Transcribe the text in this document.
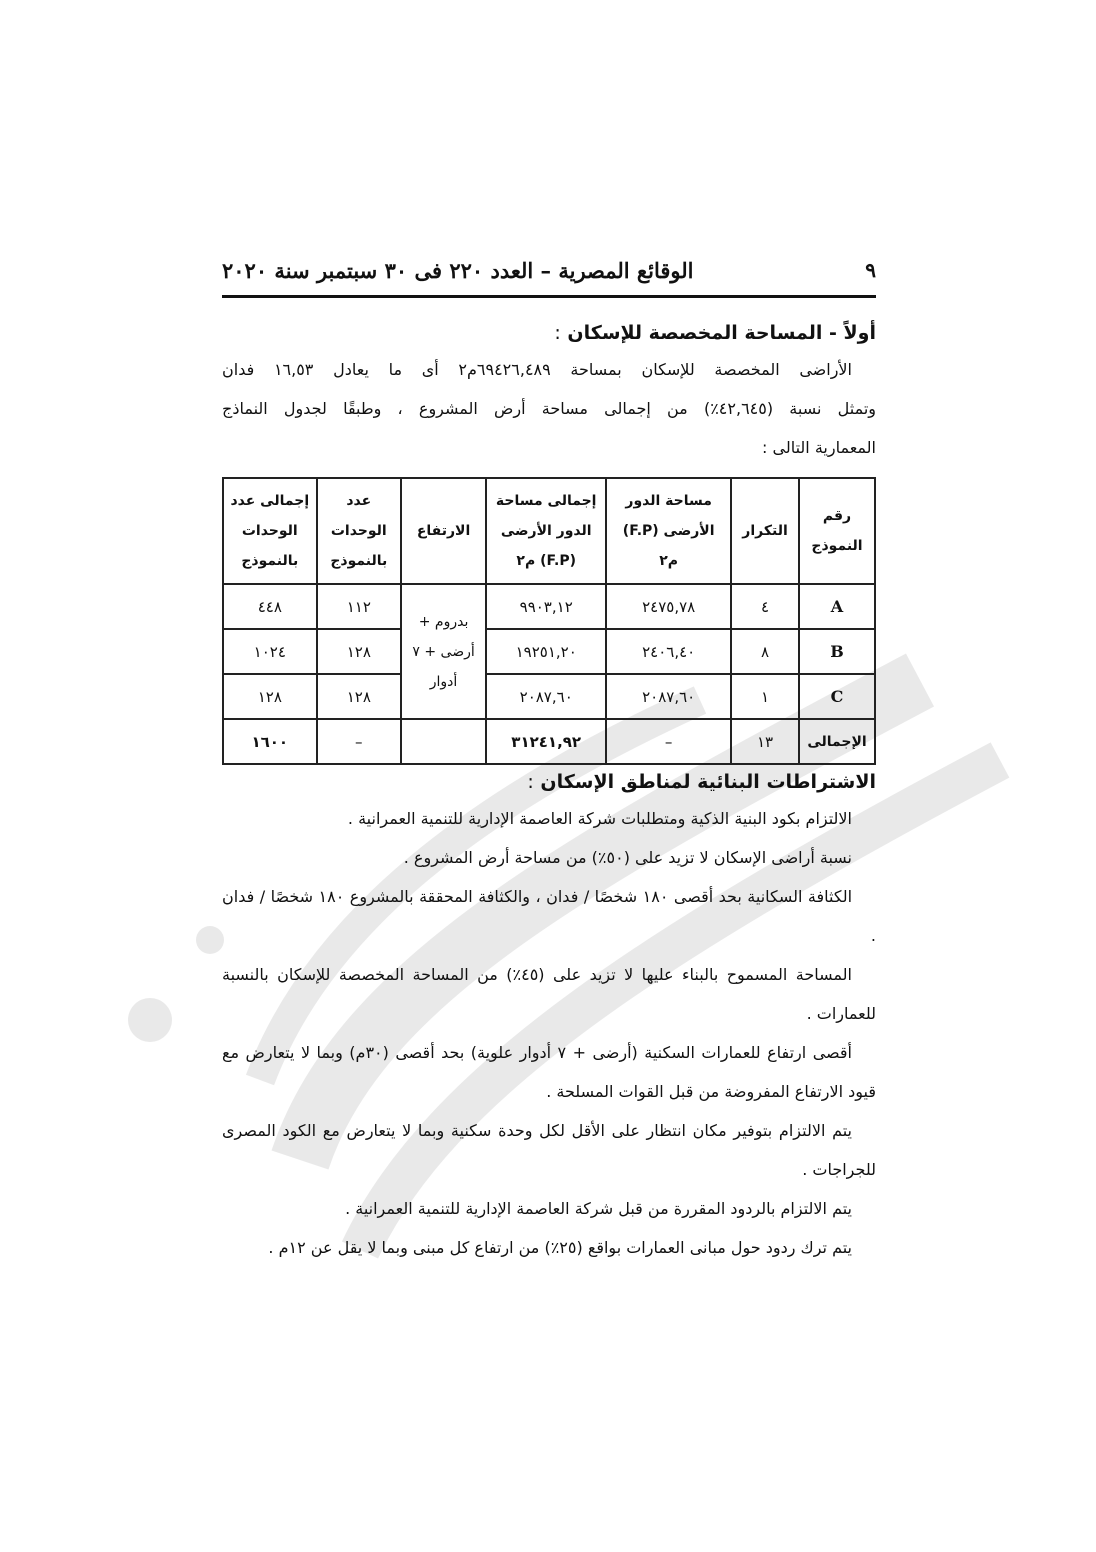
٩
الوقائع المصرية – العدد ٢٢٠ فى ٣٠ سبتمبر سنة ٢٠٢٠
أولاً - المساحة المخصصة للإسكان :

الأراضى المخصصة للإسكان بمساحة ٦٩٤٢٦,٤٨٩م٢ أى ما يعادل ١٦,٥٣ فدان

وتمثل نسبة (٤٢,٦٤٥٪) من إجمالى مساحة أرض المشروع ، وطبقًا لجدول النماذج

المعمارية التالى :

رقم النموذج	التكرار	مساحة الدور الأرضى (F.P) م٢	إجمالى مساحة الدور الأرضى (F.P) م٢	الارتفاع	عدد الوحدات بالنموذج	إجمالى عدد الوحدات بالنموذج
A	٤	٢٤٧٥,٧٨	٩٩٠٣,١٢	بدروم + أرضى + ٧ أدوار	١١٢	٤٤٨
B	٨	٢٤٠٦,٤٠	١٩٢٥١,٢٠		١٢٨	١٠٢٤
C	١	٢٠٨٧,٦٠	٢٠٨٧,٦٠		١٢٨	١٢٨
الإجمالى	١٣	–	٣١٢٤١,٩٢		–	١٦٠٠
الاشتراطات البنائية لمناطق الإسكان :

الالتزام بكود البنية الذكية ومتطلبات شركة العاصمة الإدارية للتنمية العمرانية .

نسبة أراضى الإسكان لا تزيد على (٥٠٪) من مساحة أرض المشروع .

الكثافة السكانية بحد أقصى ١٨٠ شخصًا / فدان ، والكثافة المحققة بالمشروع ١٨٠ شخصًا / فدان .

المساحة المسموح بالبناء عليها لا تزيد على (٤٥٪) من المساحة المخصصة للإسكان بالنسبة للعمارات .

أقصى ارتفاع للعمارات السكنية (أرضى + ٧ أدوار علوية) بحد أقصى (٣٠م) وبما لا يتعارض مع قيود الارتفاع المفروضة من قبل القوات المسلحة .

يتم الالتزام بتوفير مكان انتظار على الأقل لكل وحدة سكنية وبما لا يتعارض مع الكود المصرى للجراجات .

يتم الالتزام بالردود المقررة من قبل شركة العاصمة الإدارية للتنمية العمرانية .

يتم ترك ردود حول مبانى العمارات بواقع (٢٥٪) من ارتفاع كل مبنى وبما لا يقل عن ١٢م .
